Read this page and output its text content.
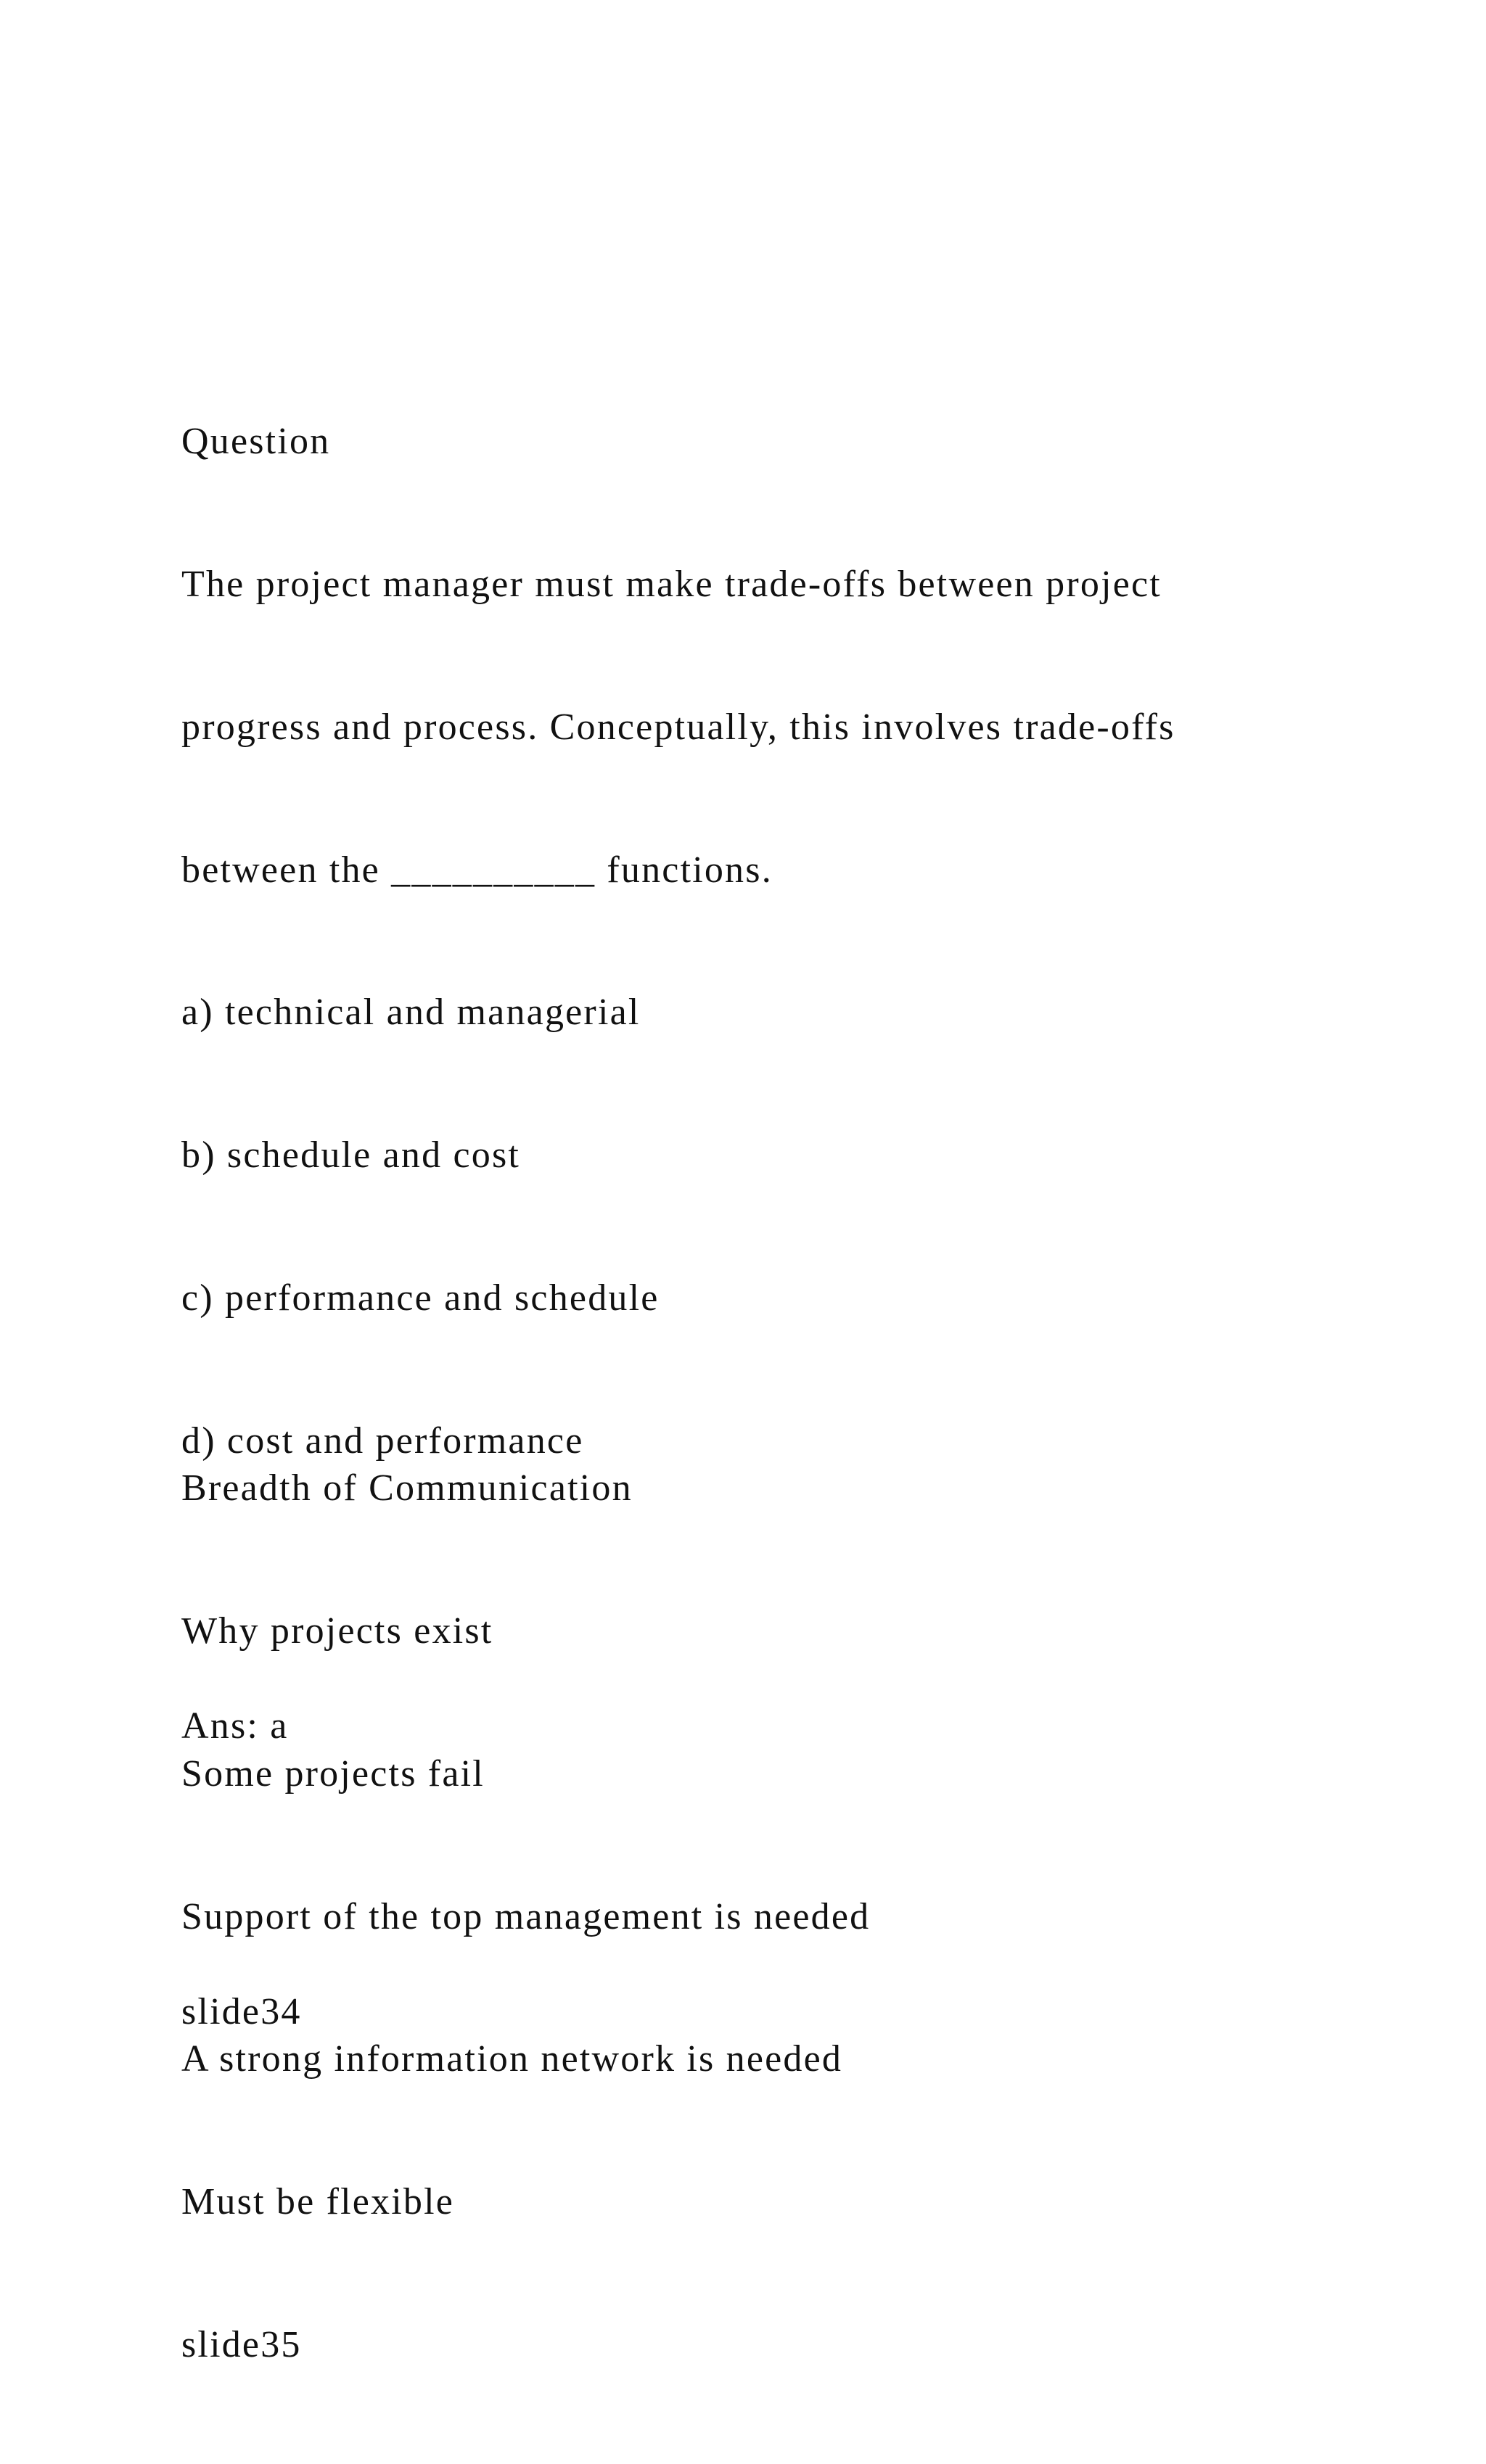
Question

The project manager must make trade-offs between project

progress and process. Conceptually, this involves trade-offs

between the __________ functions.

a) technical and managerial

b) schedule and cost

c) performance and schedule

d) cost and performance

Ans: a

slide34

Breadth of Communication

Why projects exist

Some projects fail

Support of the top management is needed

A strong information network is needed

Must be flexible

slide35
